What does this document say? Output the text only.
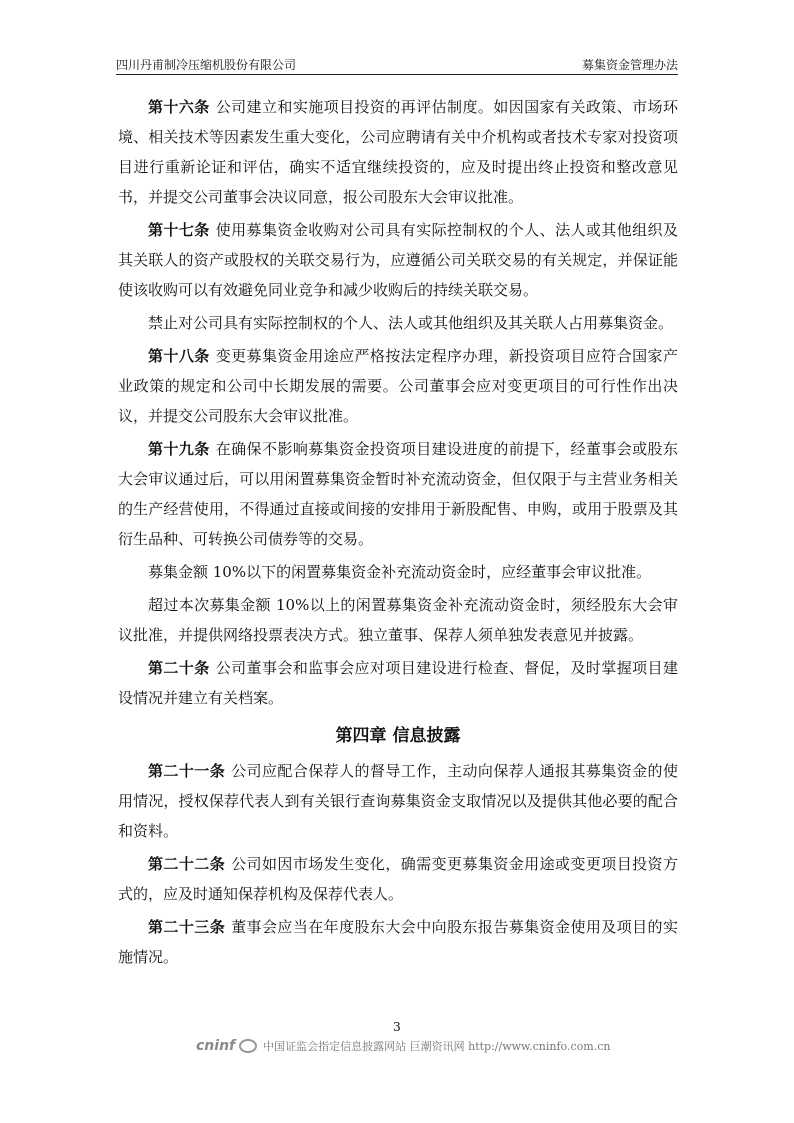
四川丹甫制冷压缩机股份有限公司	募集资金管理办法

第十六条 公司建立和实施项目投资的再评估制度。如因国家有关政策、市场环境、相关技术等因素发生重大变化，公司应聘请有关中介机构或者技术专家对投资项目进行重新论证和评估，确实不适宜继续投资的，应及时提出终止投资和整改意见书，并提交公司董事会决议同意，报公司股东大会审议批准。

第十七条 使用募集资金收购对公司具有实际控制权的个人、法人或其他组织及其关联人的资产或股权的关联交易行为，应遵循公司关联交易的有关规定，并保证能使该收购可以有效避免同业竞争和减少收购后的持续关联交易。

禁止对公司具有实际控制权的个人、法人或其他组织及其关联人占用募集资金。

第十八条 变更募集资金用途应严格按法定程序办理，新投资项目应符合国家产业政策的规定和公司中长期发展的需要。公司董事会应对变更项目的可行性作出决议，并提交公司股东大会审议批准。

第十九条 在确保不影响募集资金投资项目建设进度的前提下，经董事会或股东大会审议通过后，可以用闲置募集资金暂时补充流动资金，但仅限于与主营业务相关的生产经营使用，不得通过直接或间接的安排用于新股配售、申购，或用于股票及其衍生品种、可转换公司债券等的交易。

募集金额 10%以下的闲置募集资金补充流动资金时，应经董事会审议批准。

超过本次募集金额 10%以上的闲置募集资金补充流动资金时，须经股东大会审议批准，并提供网络投票表决方式。独立董事、保荐人须单独发表意见并披露。

第二十条 公司董事会和监事会应对项目建设进行检查、督促，及时掌握项目建设情况并建立有关档案。

第四章 信息披露

第二十一条 公司应配合保荐人的督导工作，主动向保荐人通报其募集资金的使用情况，授权保荐代表人到有关银行查询募集资金支取情况以及提供其他必要的配合和资料。

第二十二条 公司如因市场发生变化，确需变更募集资金用途或变更项目投资方式的，应及时通知保荐机构及保荐代表人。

第二十三条 董事会应当在年度股东大会中向股东报告募集资金使用及项目的实施情况。

3
cninf	中国证监会指定信息披露网站 巨潮资讯网 http://www.cninfo.com.cn
